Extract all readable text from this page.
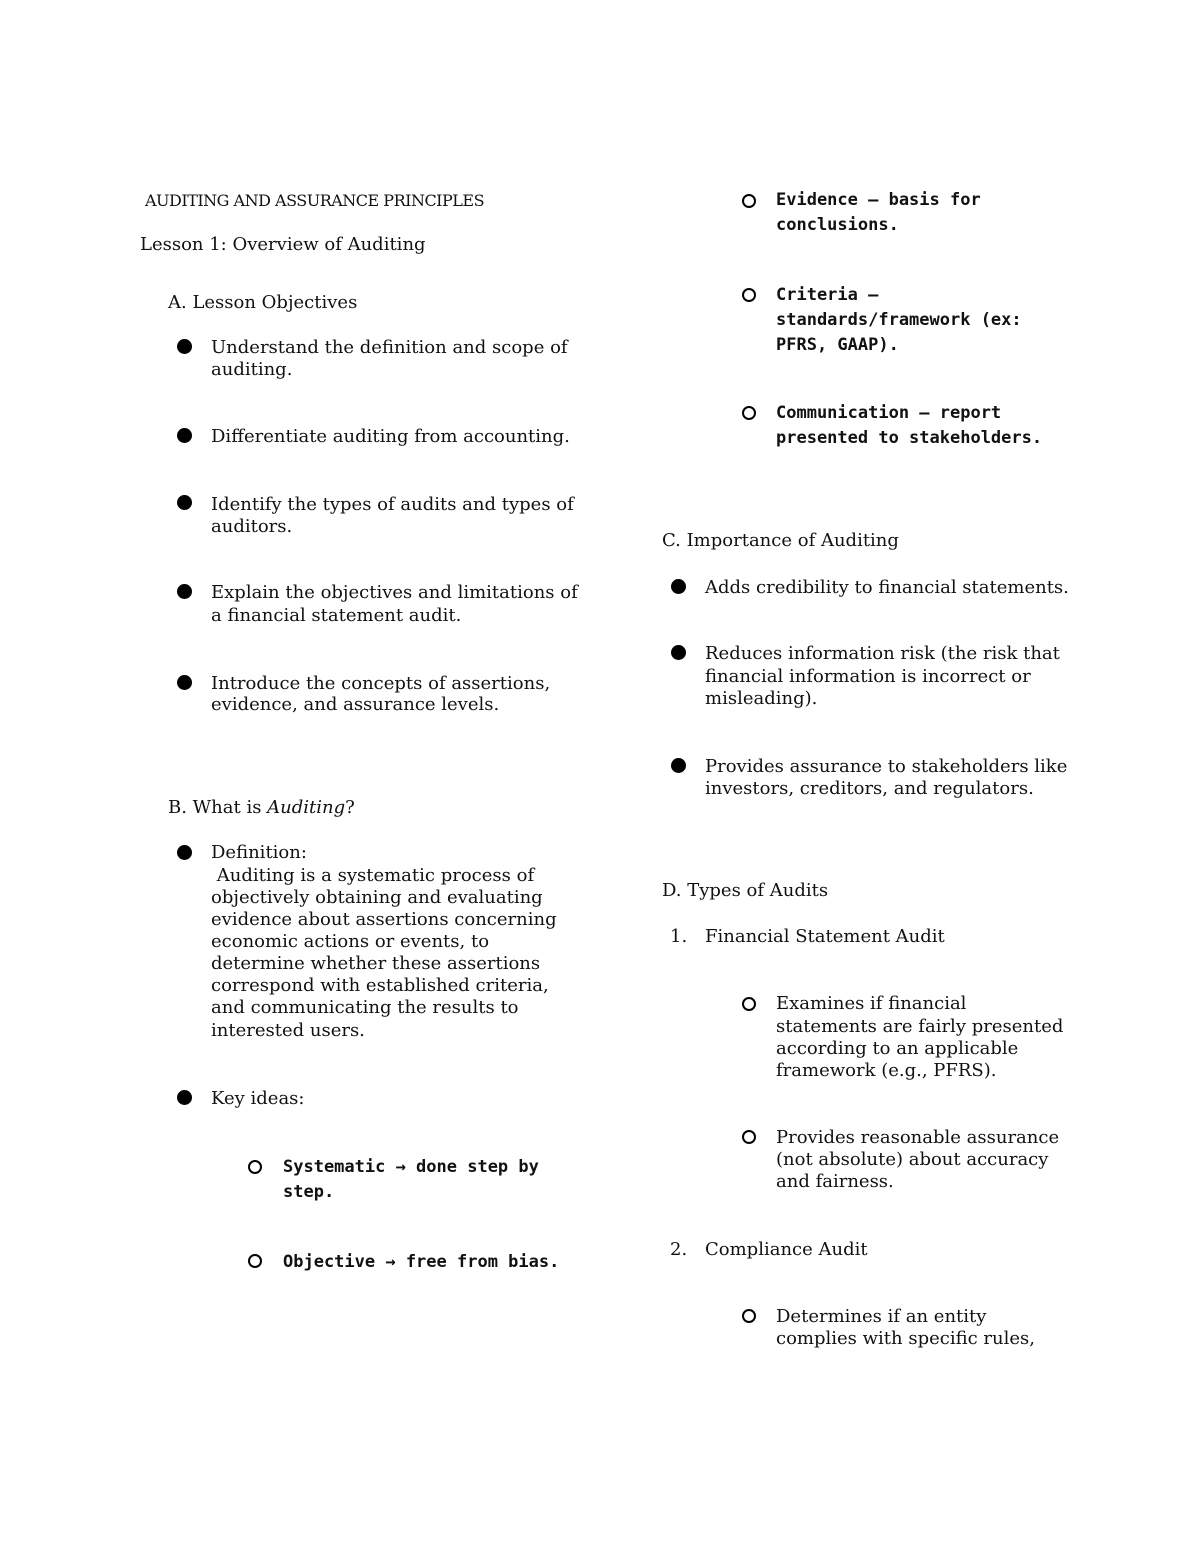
AUDITING AND ASSURANCE PRINCIPLES
Lesson 1: Overview of Auditing
A. Lesson Objectives
Understand the definition and scope of
auditing.
Differentiate auditing from accounting.
Identify the types of audits and types of
auditors.
Explain the objectives and limitations of
a financial statement audit.
Introduce the concepts of assertions,
evidence, and assurance levels.
B. What is Auditing?
Definition:
Auditing is a systematic process of
objectively obtaining and evaluating
evidence about assertions concerning
economic actions or events, to
determine whether these assertions
correspond with established criteria,
and communicating the results to
interested users.
Key ideas:
Systematic → done step by
step.
Objective → free from bias.
Evidence – basis for
conclusions.
Criteria –
standards/framework (ex:
PFRS, GAAP).
Communication – report
presented to stakeholders.
C. Importance of Auditing
Adds credibility to financial statements.
Reduces information risk (the risk that
financial information is incorrect or
misleading).
Provides assurance to stakeholders like
investors, creditors, and regulators.
D. Types of Audits
1. Financial Statement Audit
Examines if financial
statements are fairly presented
according to an applicable
framework (e.g., PFRS).
Provides reasonable assurance
(not absolute) about accuracy
and fairness.
2. Compliance Audit
Determines if an entity
complies with specific rules,
